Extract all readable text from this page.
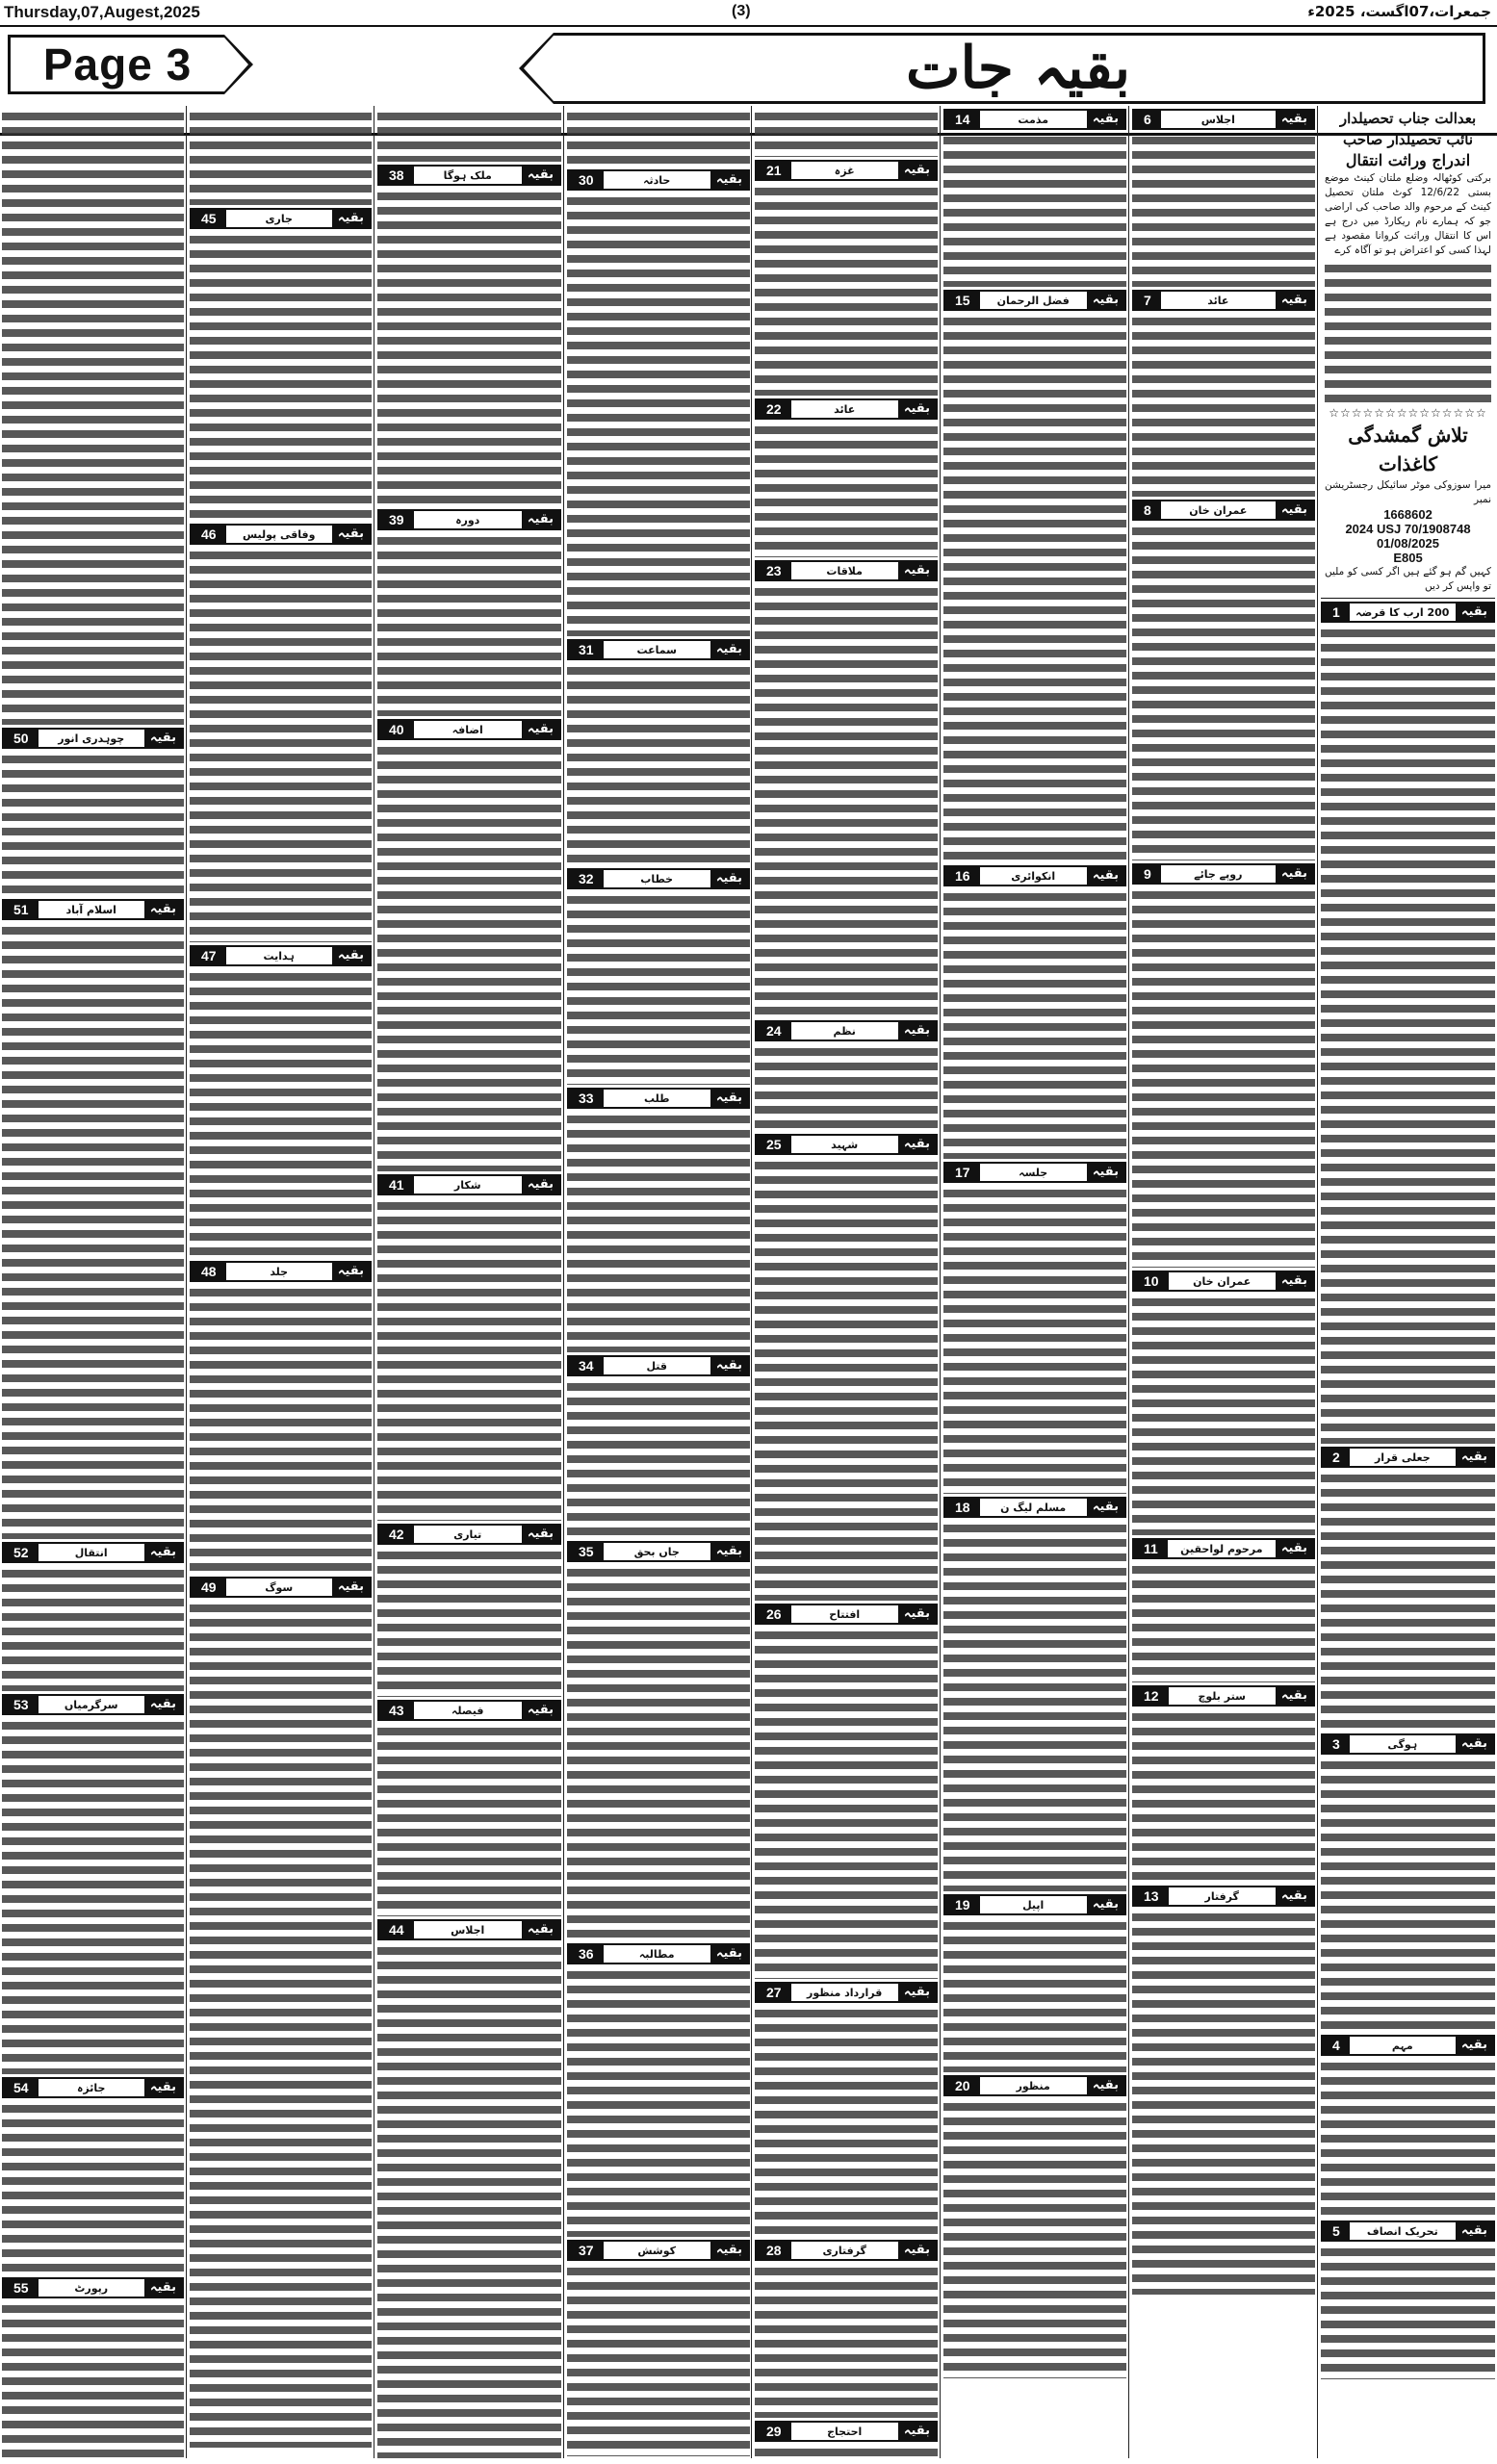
Thursday,07,Augest,2025	(3)	جمعرات،07اگست، 2025ء
Page 3	بقیہ جات
بعدالت جناب تحصیلدار
نائب تحصیلدار صاحب
اندراج وراثت انتقال
برکتی کوٹھالہ وضلع ملتان کینٹ موضع بستی 12/6/22 کوٹ ملتان تحصیل کینٹ کے مرحوم والد صاحب کی اراضی جو کہ ہمارے نام ریکارڈ میں درج ہے اس کا انتقال وراثت کروانا مقصود ہے لہذا کسی کو اعتراض ہو تو آگاہ کرے
☆☆☆☆☆☆☆☆☆☆☆☆☆☆
تلاش گمشدگی کاغذات
میرا سوزوکی موٹر سائیکل رجسٹریشن نمبر
1668602
2024 USJ 70/1908748
01/08/2025
E805
کہیں گم ہو گئے ہیں اگر کسی کو ملیں تو واپس کر دیں
بقیہ
200 ارب کا قرضہ
1
بقیہ
جعلی قرار
2
بقیہ
ہوگی
3
بقیہ
مہم
4
بقیہ
تحریک انصاف
5
بقیہ
اجلاس
6
بقیہ
عائد
7
بقیہ
عمران خان
8
بقیہ
روپے جائے
9
بقیہ
عمران خان
10
بقیہ
مرحوم لواحقین
11
بقیہ
ستر بلوچ
12
بقیہ
گرفتار
13
بقیہ
مذمت
14
بقیہ
فضل الرحمان
15
بقیہ
انکوائری
16
بقیہ
جلسہ
17
بقیہ
مسلم لیگ ن
18
بقیہ
اپیل
19
بقیہ
منظور
20
بقیہ
غزہ
21
بقیہ
عائد
22
بقیہ
ملاقات
23
بقیہ
نظم
24
بقیہ
شہید
25
بقیہ
افتتاح
26
بقیہ
قرارداد منظور
27
بقیہ
گرفتاری
28
بقیہ
احتجاج
29
بقیہ
حادثہ
30
بقیہ
سماعت
31
بقیہ
خطاب
32
بقیہ
طلب
33
بقیہ
قتل
34
بقیہ
جاں بحق
35
بقیہ
مطالبہ
36
بقیہ
کوشش
37
بقیہ
ملک ہوگا
38
بقیہ
دورہ
39
بقیہ
اضافہ
40
بقیہ
شکار
41
بقیہ
تیاری
42
بقیہ
فیصلہ
43
بقیہ
اجلاس
44
بقیہ
جاری
45
بقیہ
وفاقی پولیس
46
بقیہ
ہدایت
47
بقیہ
جلد
48
بقیہ
سوگ
49
بقیہ
چوہدری انور
50
بقیہ
اسلام آباد
51
بقیہ
انتقال
52
بقیہ
سرگرمیاں
53
بقیہ
جائزہ
54
بقیہ
رپورٹ
55
